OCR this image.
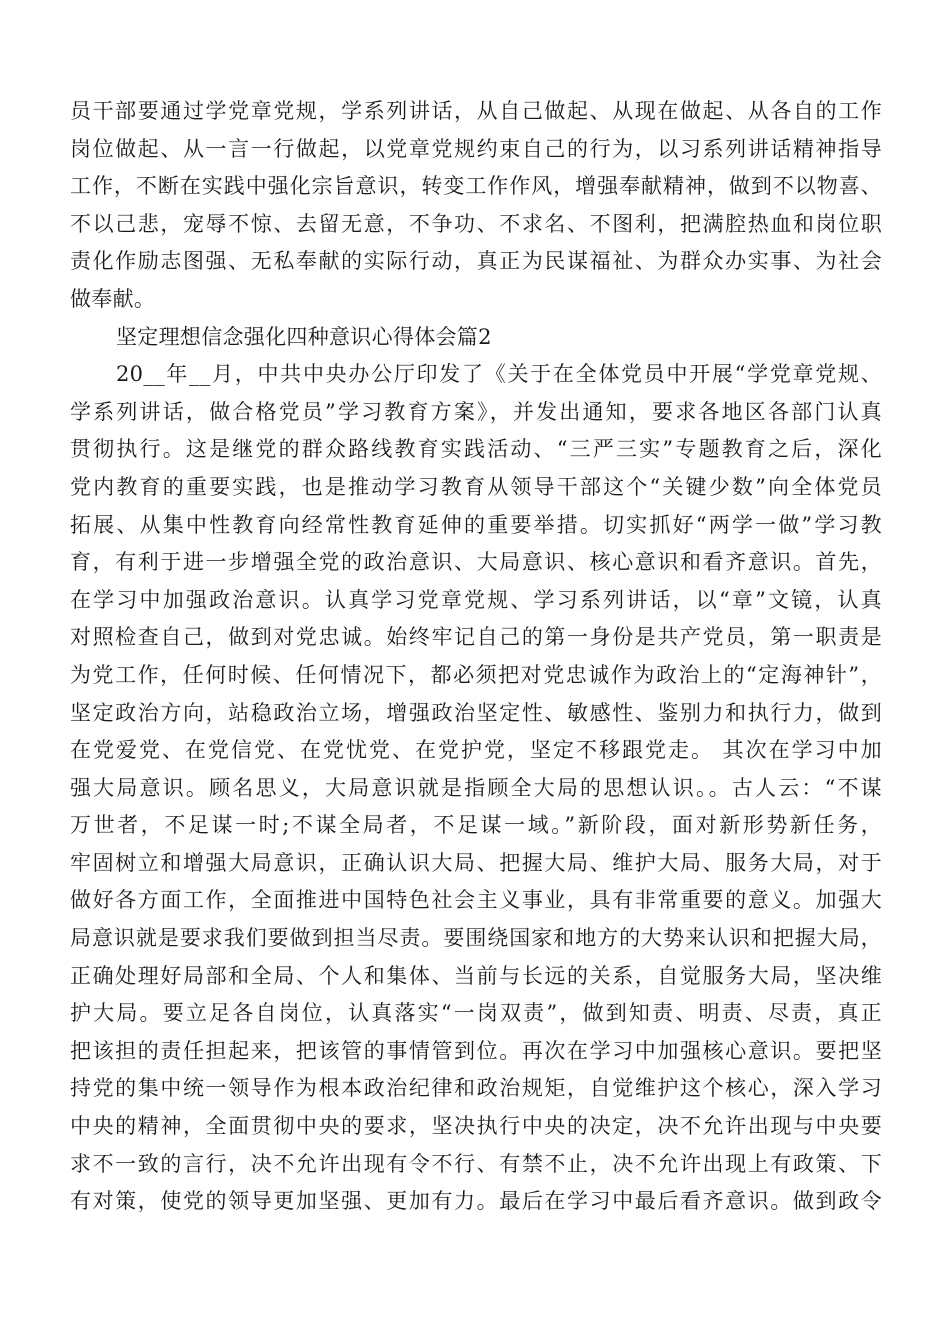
员干部要通过学党章党规，学系列讲话，从自己做起、从现在做起、从各自的工作
岗位做起、从一言一行做起，以党章党规约束自己的行为，以习系列讲话精神指导
工作，不断在实践中强化宗旨意识，转变工作作风，增强奉献精神，做到不以物喜、
不以己悲，宠辱不惊、去留无意，不争功、不求名、不图利，把满腔热血和岗位职
责化作励志图强、无私奉献的实际行动，真正为民谋福祉、为群众办实事、为社会
做奉献。
坚定理想信念强化四种意识心得体会篇2
20__年__月，中共中央办公厅印发了《关于在全体党员中开展“学党章党规、
学系列讲话，做合格党员”学习教育方案》，并发出通知，要求各地区各部门认真
贯彻执行。这是继党的群众路线教育实践活动、“三严三实”专题教育之后，深化
党内教育的重要实践，也是推动学习教育从领导干部这个“关键少数”向全体党员
拓展、从集中性教育向经常性教育延伸的重要举措。切实抓好“两学一做”学习教
育，有利于进一步增强全党的政治意识、大局意识、核心意识和看齐意识。首先，
在学习中加强政治意识。认真学习党章党规、学习系列讲话，以“章”文镜，认真
对照检查自己，做到对党忠诚。始终牢记自己的第一身份是共产党员，第一职责是
为党工作，任何时候、任何情况下，都必须把对党忠诚作为政治上的“定海神针”，
坚定政治方向，站稳政治立场，增强政治坚定性、敏感性、鉴别力和执行力，做到
在党爱党、在党信党、在党忧党、在党护党，坚定不移跟党走。 其次在学习中加
强大局意识。顾名思义，大局意识就是指顾全大局的思想认识。。古人云：“不谋
万世者，不足谋一时;不谋全局者，不足谋一域。”新阶段，面对新形势新任务，
牢固树立和增强大局意识，正确认识大局、把握大局、维护大局、服务大局，对于
做好各方面工作，全面推进中国特色社会主义事业，具有非常重要的意义。加强大
局意识就是要求我们要做到担当尽责。要围绕国家和地方的大势来认识和把握大局，
正确处理好局部和全局、个人和集体、当前与长远的关系，自觉服务大局，坚决维
护大局。要立足各自岗位，认真落实“一岗双责”，做到知责、明责、尽责，真正
把该担的责任担起来，把该管的事情管到位。再次在学习中加强核心意识。要把坚
持党的集中统一领导作为根本政治纪律和政治规矩，自觉维护这个核心，深入学习
中央的精神，全面贯彻中央的要求，坚决执行中央的决定，决不允许出现与中央要
求不一致的言行，决不允许出现有令不行、有禁不止，决不允许出现上有政策、下
有对策，使党的领导更加坚强、更加有力。最后在学习中最后看齐意识。做到政令
